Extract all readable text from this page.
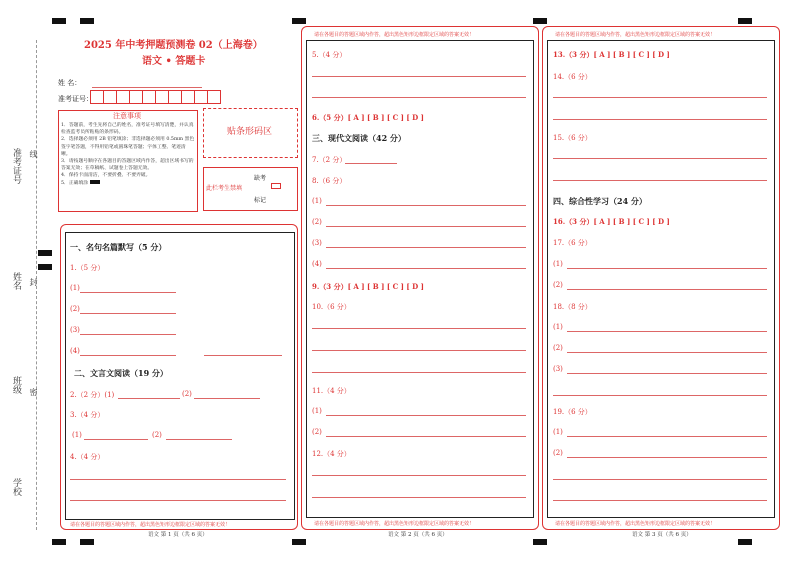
准考证号 线
姓名 封
班级 密
学校
2025 年中考押题预测卷 02（上海卷）
语文 • 答题卡
姓 名：
准考证号：
注意事项
1．答题前，考生先将自己的姓名，准考证号填写清楚，并认真检查监考员所粘贴的条形码。
2．选择题必须用 2B 铅笔填涂；非选择题必须用 0.5mm 黑色签字笔答题，不得用铅笔或圆珠笔答题；字体工整、笔迹清晰。
3．请按题号顺序在各题目的答题区域内作答，超出区域书写的答案无效；在草稿纸、试题卷上答题无效。
4．保持卡面清洁，不要折叠、不要弄破。
5．正确填涂
贴条形码区
此栏考生禁填
缺考
标记
请在各题目的答题区域内作答，超出黑色矩形边框限定区域的答案无效！
语文 第 1 页（共 6 页）
一、名句名篇默写（5 分）
1.（5 分）
(1)
(2)
(3)
(4)
二、文言文阅读（19 分）
2.（2 分）(1)	(2)
3.（4 分）
(1)	(2)
4.（4 分）
请在各题目的答题区域内作答，超出黑色矩形边框限定区域的答案无效！
请在各题目的答题区域内作答，超出黑色矩形边框限定区域的答案无效！
语文 第 2 页（共 6 页）
5.（4 分）
6.（5 分）[ A ] [ B ] [ C ] [ D ]
三、现代文阅读（42 分）
7.（2 分）
8.（6 分）
(1)
(2)
(3)
(4)
9.（3 分）[ A ] [ B ] [ C ] [ D ]
10.（6 分）
11.（4 分）
(1)
(2)
12.（4 分）
请在各题目的答题区域内作答，超出黑色矩形边框限定区域的答案无效！
请在各题目的答题区域内作答，超出黑色矩形边框限定区域的答案无效！
语文 第 3 页（共 6 页）
13.（3 分）[ A ] [ B ] [ C ] [ D ]
14.（6 分）
15.（6 分）
四、综合性学习（24 分）
16.（3 分）[ A ] [ B ] [ C ] [ D ]
17.（6 分）
(1)
(2)
18.（8 分）
(1)
(2)
(3)
19.（6 分）
(1)
(2)
